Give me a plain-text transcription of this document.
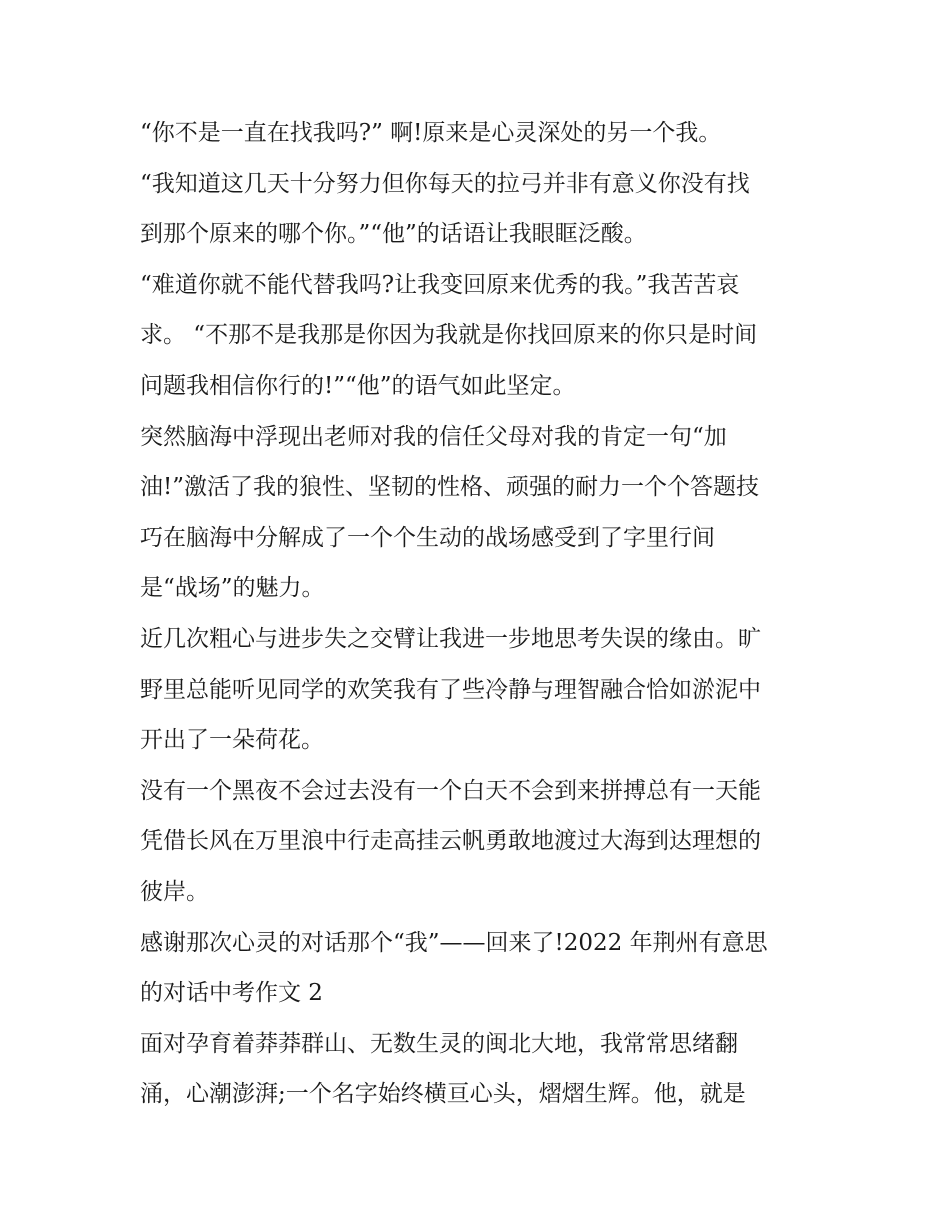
“你不是一直在找我吗?” 啊!原来是心灵深处的另一个我。
“我知道这几天十分努力但你每天的拉弓并非有意义你没有找
到那个原来的哪个你。”“他”的话语让我眼眶泛酸。
“难道你就不能代替我吗?让我变回原来优秀的我。”我苦苦哀
求。 “不那不是我那是你因为我就是你找回原来的你只是时间
问题我相信你行的!”“他”的语气如此坚定。
突然脑海中浮现出老师对我的信任父母对我的肯定一句“加
油!”激活了我的狼性、坚韧的性格、顽强的耐力一个个答题技
巧在脑海中分解成了一个个生动的战场感受到了字里行间
是“战场”的魅力。
近几次粗心与进步失之交臂让我进一步地思考失误的缘由。旷
野里总能听见同学的欢笑我有了些冷静与理智融合恰如淤泥中
开出了一朵荷花。
没有一个黑夜不会过去没有一个白天不会到来拼搏总有一天能
凭借长风在万里浪中行走高挂云帆勇敢地渡过大海到达理想的
彼岸。
感谢那次心灵的对话那个“我”——回来了!2022 年荆州有意思
的对话中考作文 2
面对孕育着莽莽群山、无数生灵的闽北大地，我常常思绪翻
涌，心潮澎湃;一个名字始终横亘心头，熠熠生辉。他，就是
